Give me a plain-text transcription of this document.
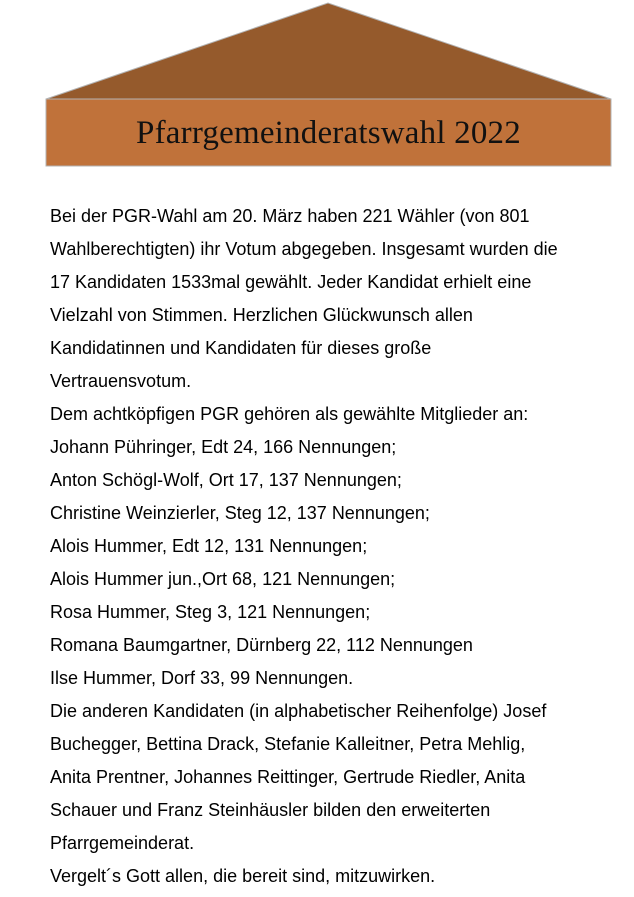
Pfarrgemeinderatswahl 2022
Bei der PGR-Wahl am 20. März haben 221 Wähler (von 801
Wahlberechtigten) ihr Votum abgegeben. Insgesamt wurden die
17 Kandidaten 1533mal gewählt. Jeder Kandidat erhielt eine
Vielzahl von Stimmen. Herzlichen Glückwunsch allen
Kandidatinnen und Kandidaten für dieses große
Vertrauensvotum.
Dem achtköpfigen PGR gehören als gewählte Mitglieder an:
Johann Pühringer, Edt 24, 166 Nennungen;
Anton Schögl-Wolf, Ort 17, 137 Nennungen;
Christine Weinzierler, Steg 12, 137 Nennungen;
Alois Hummer, Edt 12, 131 Nennungen;
Alois Hummer jun.,Ort 68, 121 Nennungen;
Rosa Hummer, Steg 3, 121 Nennungen;
Romana Baumgartner, Dürnberg 22, 112 Nennungen
Ilse Hummer, Dorf 33, 99 Nennungen.
Die anderen Kandidaten (in alphabetischer Reihenfolge) Josef
Buchegger, Bettina Drack, Stefanie Kalleitner, Petra Mehlig,
Anita Prentner, Johannes Reittinger, Gertrude Riedler, Anita
Schauer und Franz Steinhäusler bilden den erweiterten
Pfarrgemeinderat.
Vergelt´s Gott allen, die bereit sind, mitzuwirken.
